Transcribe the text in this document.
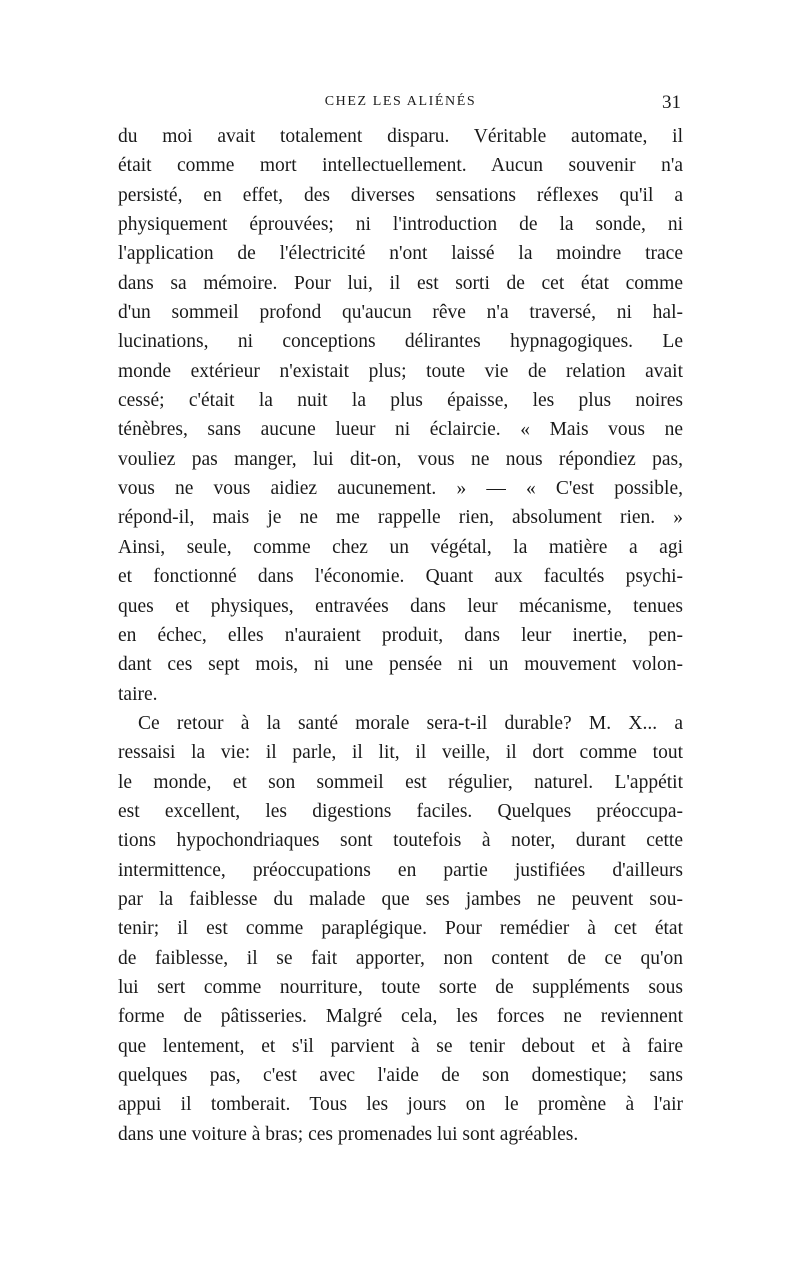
CHEZ LES ALIÉNÉS	31
du moi avait totalement disparu. Véritable automate, il
était comme mort intellectuellement. Aucun souvenir n'a
persisté, en effet, des diverses sensations réflexes qu'il a
physiquement éprouvées; ni l'introduction de la sonde, ni
l'application de l'électricité n'ont laissé la moindre trace
dans sa mémoire. Pour lui, il est sorti de cet état comme
d'un sommeil profond qu'aucun rêve n'a traversé, ni hal-
lucinations, ni conceptions délirantes hypnagogiques. Le
monde extérieur n'existait plus; toute vie de relation avait
cessé; c'était la nuit la plus épaisse, les plus noires
ténèbres, sans aucune lueur ni éclaircie. « Mais vous ne
vouliez pas manger, lui dit-on, vous ne nous répondiez pas,
vous ne vous aidiez aucunement. » — « C'est possible,
répond-il, mais je ne me rappelle rien, absolument rien. »
Ainsi, seule, comme chez un végétal, la matière a agi
et fonctionné dans l'économie. Quant aux facultés psychi-
ques et physiques, entravées dans leur mécanisme, tenues
en échec, elles n'auraient produit, dans leur inertie, pen-
dant ces sept mois, ni une pensée ni un mouvement volon-
taire.
Ce retour à la santé morale sera-t-il durable? M. X... a
ressaisi la vie: il parle, il lit, il veille, il dort comme tout
le monde, et son sommeil est régulier, naturel. L'appétit
est excellent, les digestions faciles. Quelques préoccupa-
tions hypochondriaques sont toutefois à noter, durant cette
intermittence, préoccupations en partie justifiées d'ailleurs
par la faiblesse du malade que ses jambes ne peuvent sou-
tenir; il est comme paraplégique. Pour remédier à cet état
de faiblesse, il se fait apporter, non content de ce qu'on
lui sert comme nourriture, toute sorte de suppléments sous
forme de pâtisseries. Malgré cela, les forces ne reviennent
que lentement, et s'il parvient à se tenir debout et à faire
quelques pas, c'est avec l'aide de son domestique; sans
appui il tomberait. Tous les jours on le promène à l'air
dans une voiture à bras; ces promenades lui sont agréables.
